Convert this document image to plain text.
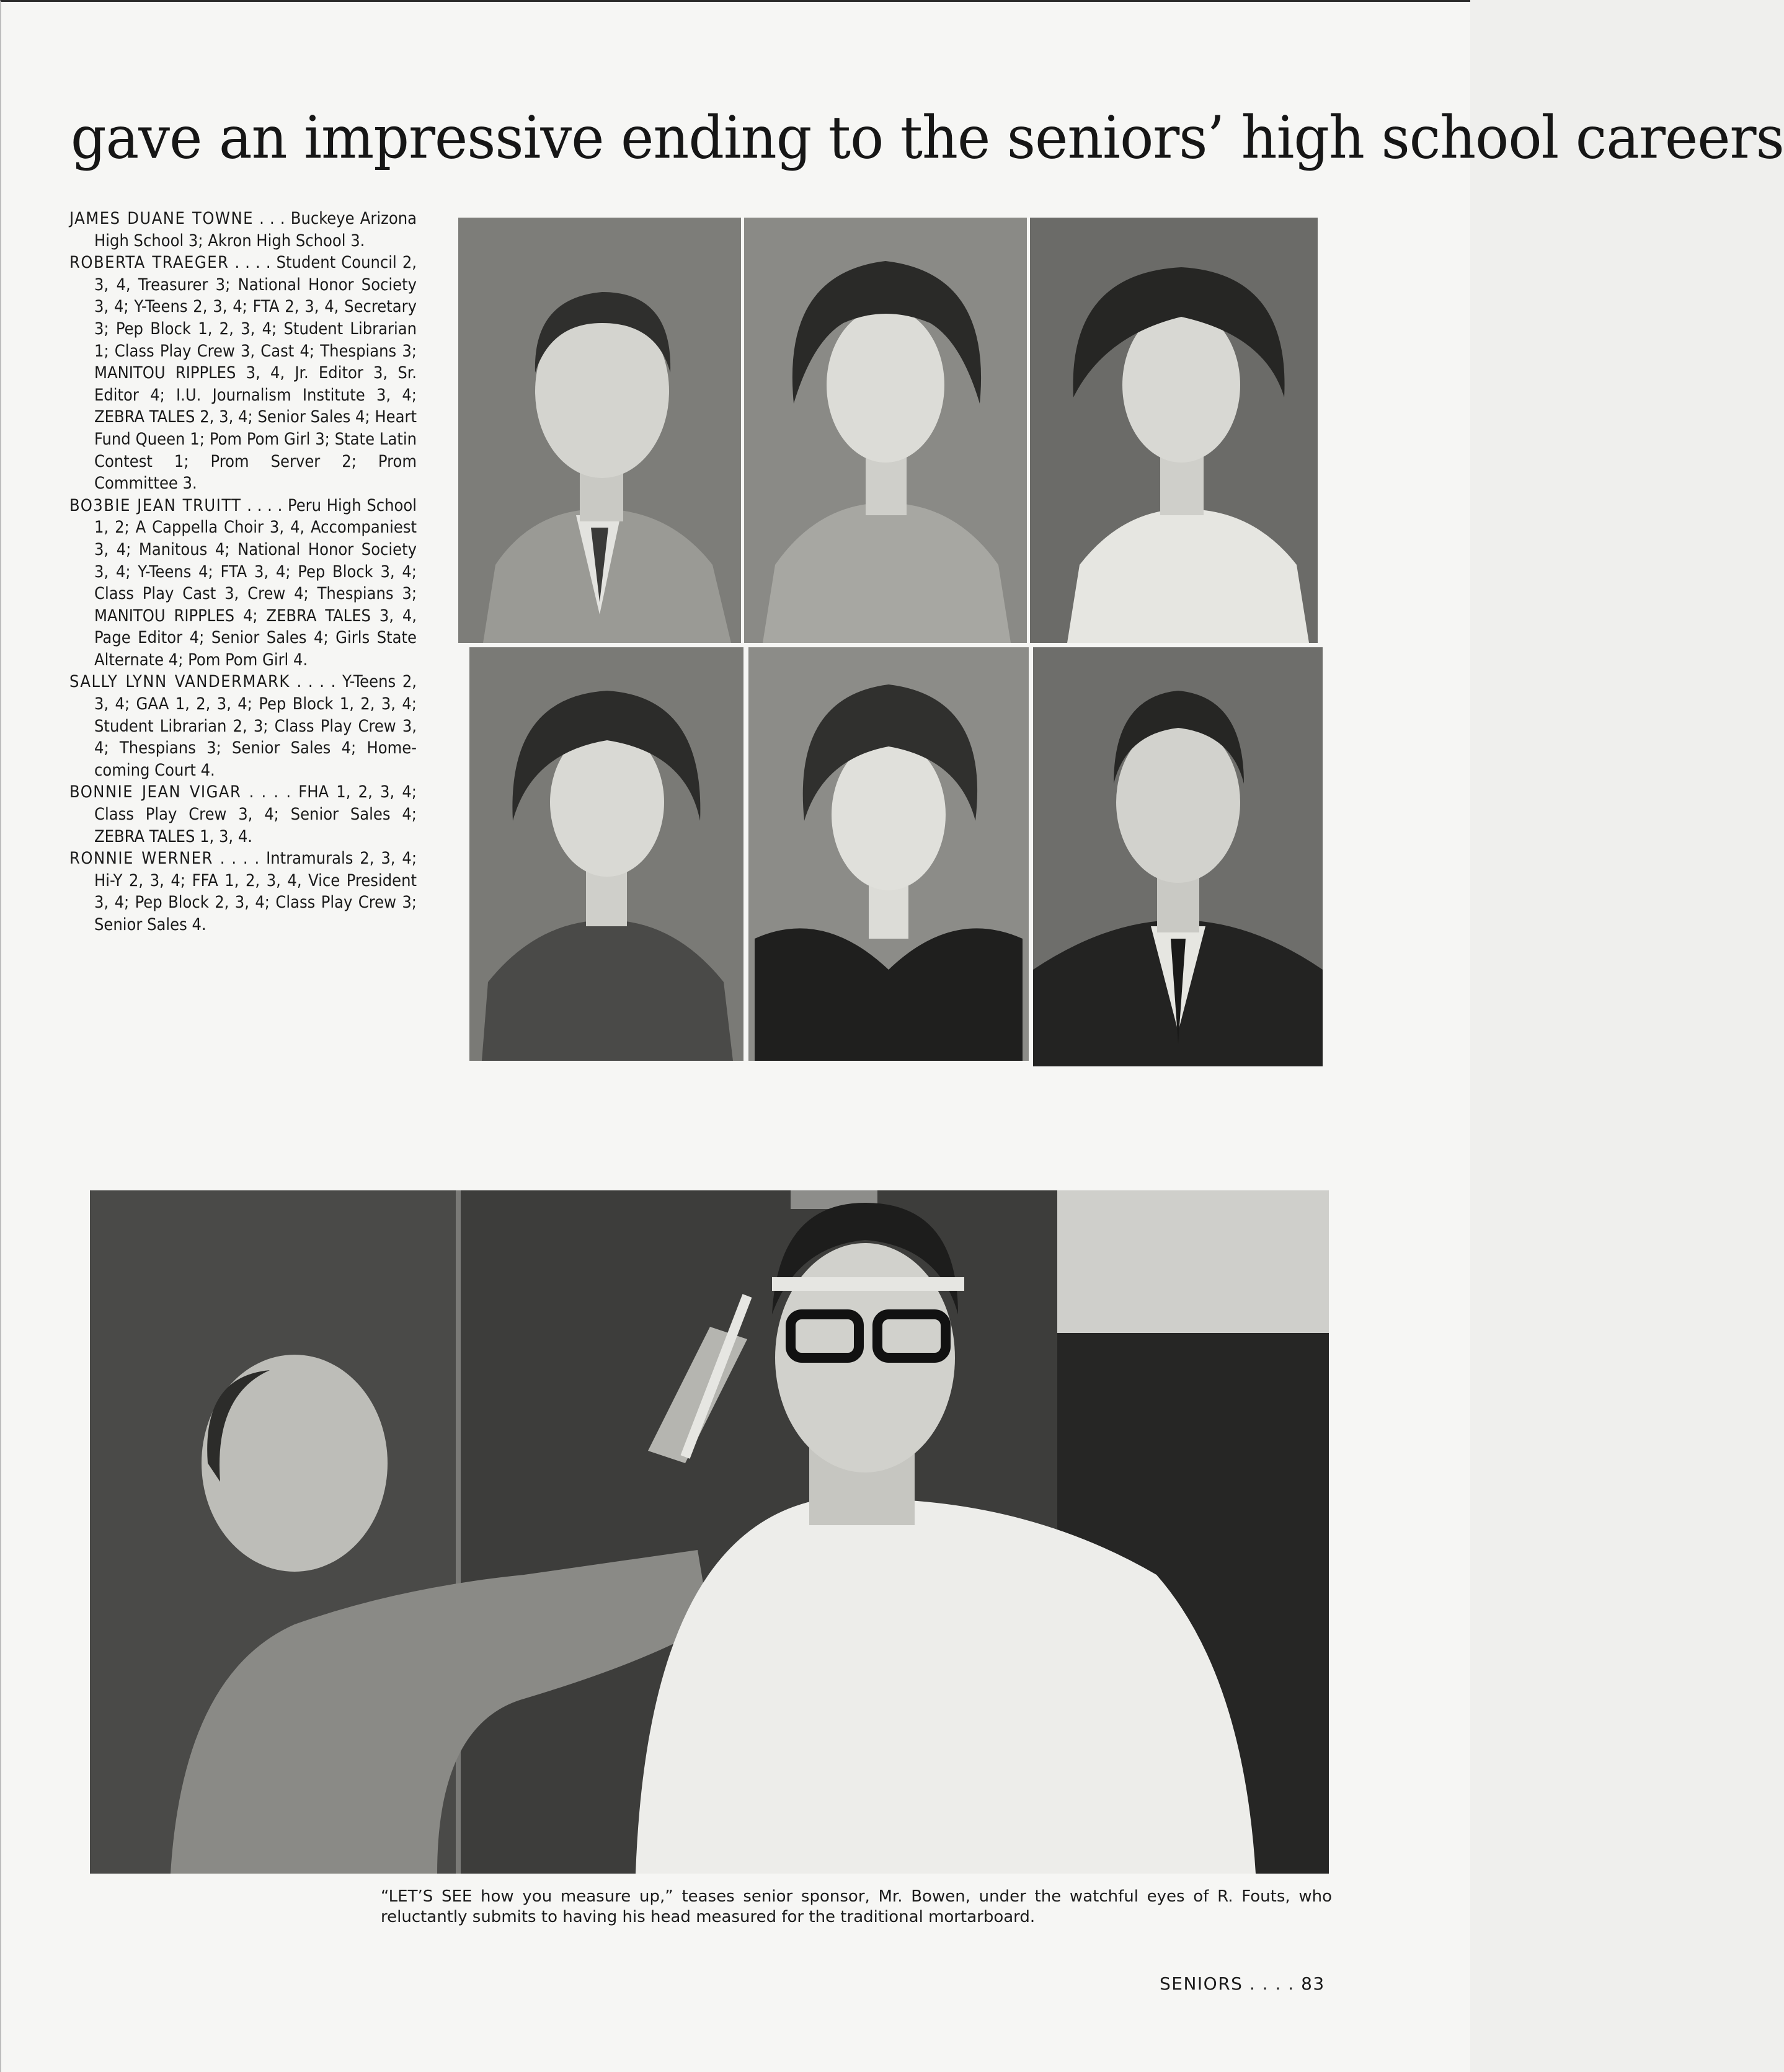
gave an impressive ending to the seniors’ high school careers

JAMES DUANE TOWNE . . . Buckeye Arizona High School 3; Akron High School 3.

ROBERTA TRAEGER . . . . Student Council 2, 3, 4, Treasurer 3; National Honor Society 3, 4; Y-Teens 2, 3, 4; FTA 2, 3, 4, Secretary 3; Pep Block 1, 2, 3, 4; Student Librarian 1; Class Play Crew 3, Cast 4; Thespians 3; MANITOU RIPPLES 3, 4, Jr. Editor 3, Sr. Editor 4; I.U. Journalism Institute 3, 4; ZEBRA TALES 2, 3, 4; Senior Sales 4; Heart Fund Queen 1; Pom Pom Girl 3; State Latin Contest 1; Prom Server 2; Prom Committee 3.

BO3BIE JEAN TRUITT . . . . Peru High School 1, 2; A Cappella Choir 3, 4, Accompaniest 3, 4; Manitous 4; National Honor Society 3, 4; Y-Teens 4; FTA 3, 4; Pep Block 3, 4; Class Play Cast 3, Crew 4; Thespians 3; MANITOU RIPPLES 4; ZEBRA TALES 3, 4, Page Editor 4; Senior Sales 4; Girls State Alternate 4; Pom Pom Girl 4.

SALLY LYNN VANDERMARK . . . . Y-Teens 2, 3, 4; GAA 1, 2, 3, 4; Pep Block 1, 2, 3, 4; Student Librarian 2, 3; Class Play Crew 3, 4; Thespians 3; Senior Sales 4; Homecoming Court 4.

BONNIE JEAN VIGAR . . . . FHA 1, 2, 3, 4; Class Play Crew 3, 4; Senior Sales 4; ZEBRA TALES 1, 3, 4.

RONNIE WERNER . . . . Intramurals 2, 3, 4; Hi-Y 2, 3, 4; FFA 1, 2, 3, 4, Vice President 3, 4; Pep Block 2, 3, 4; Class Play Crew 3; Senior Sales 4.

“LET’S SEE how you measure up,” teases senior sponsor, Mr. Bowen, under the watchful eyes of R. Fouts, who reluctantly submits to having his head measured for the traditional mortarboard.
SENIORS . . . . 83
